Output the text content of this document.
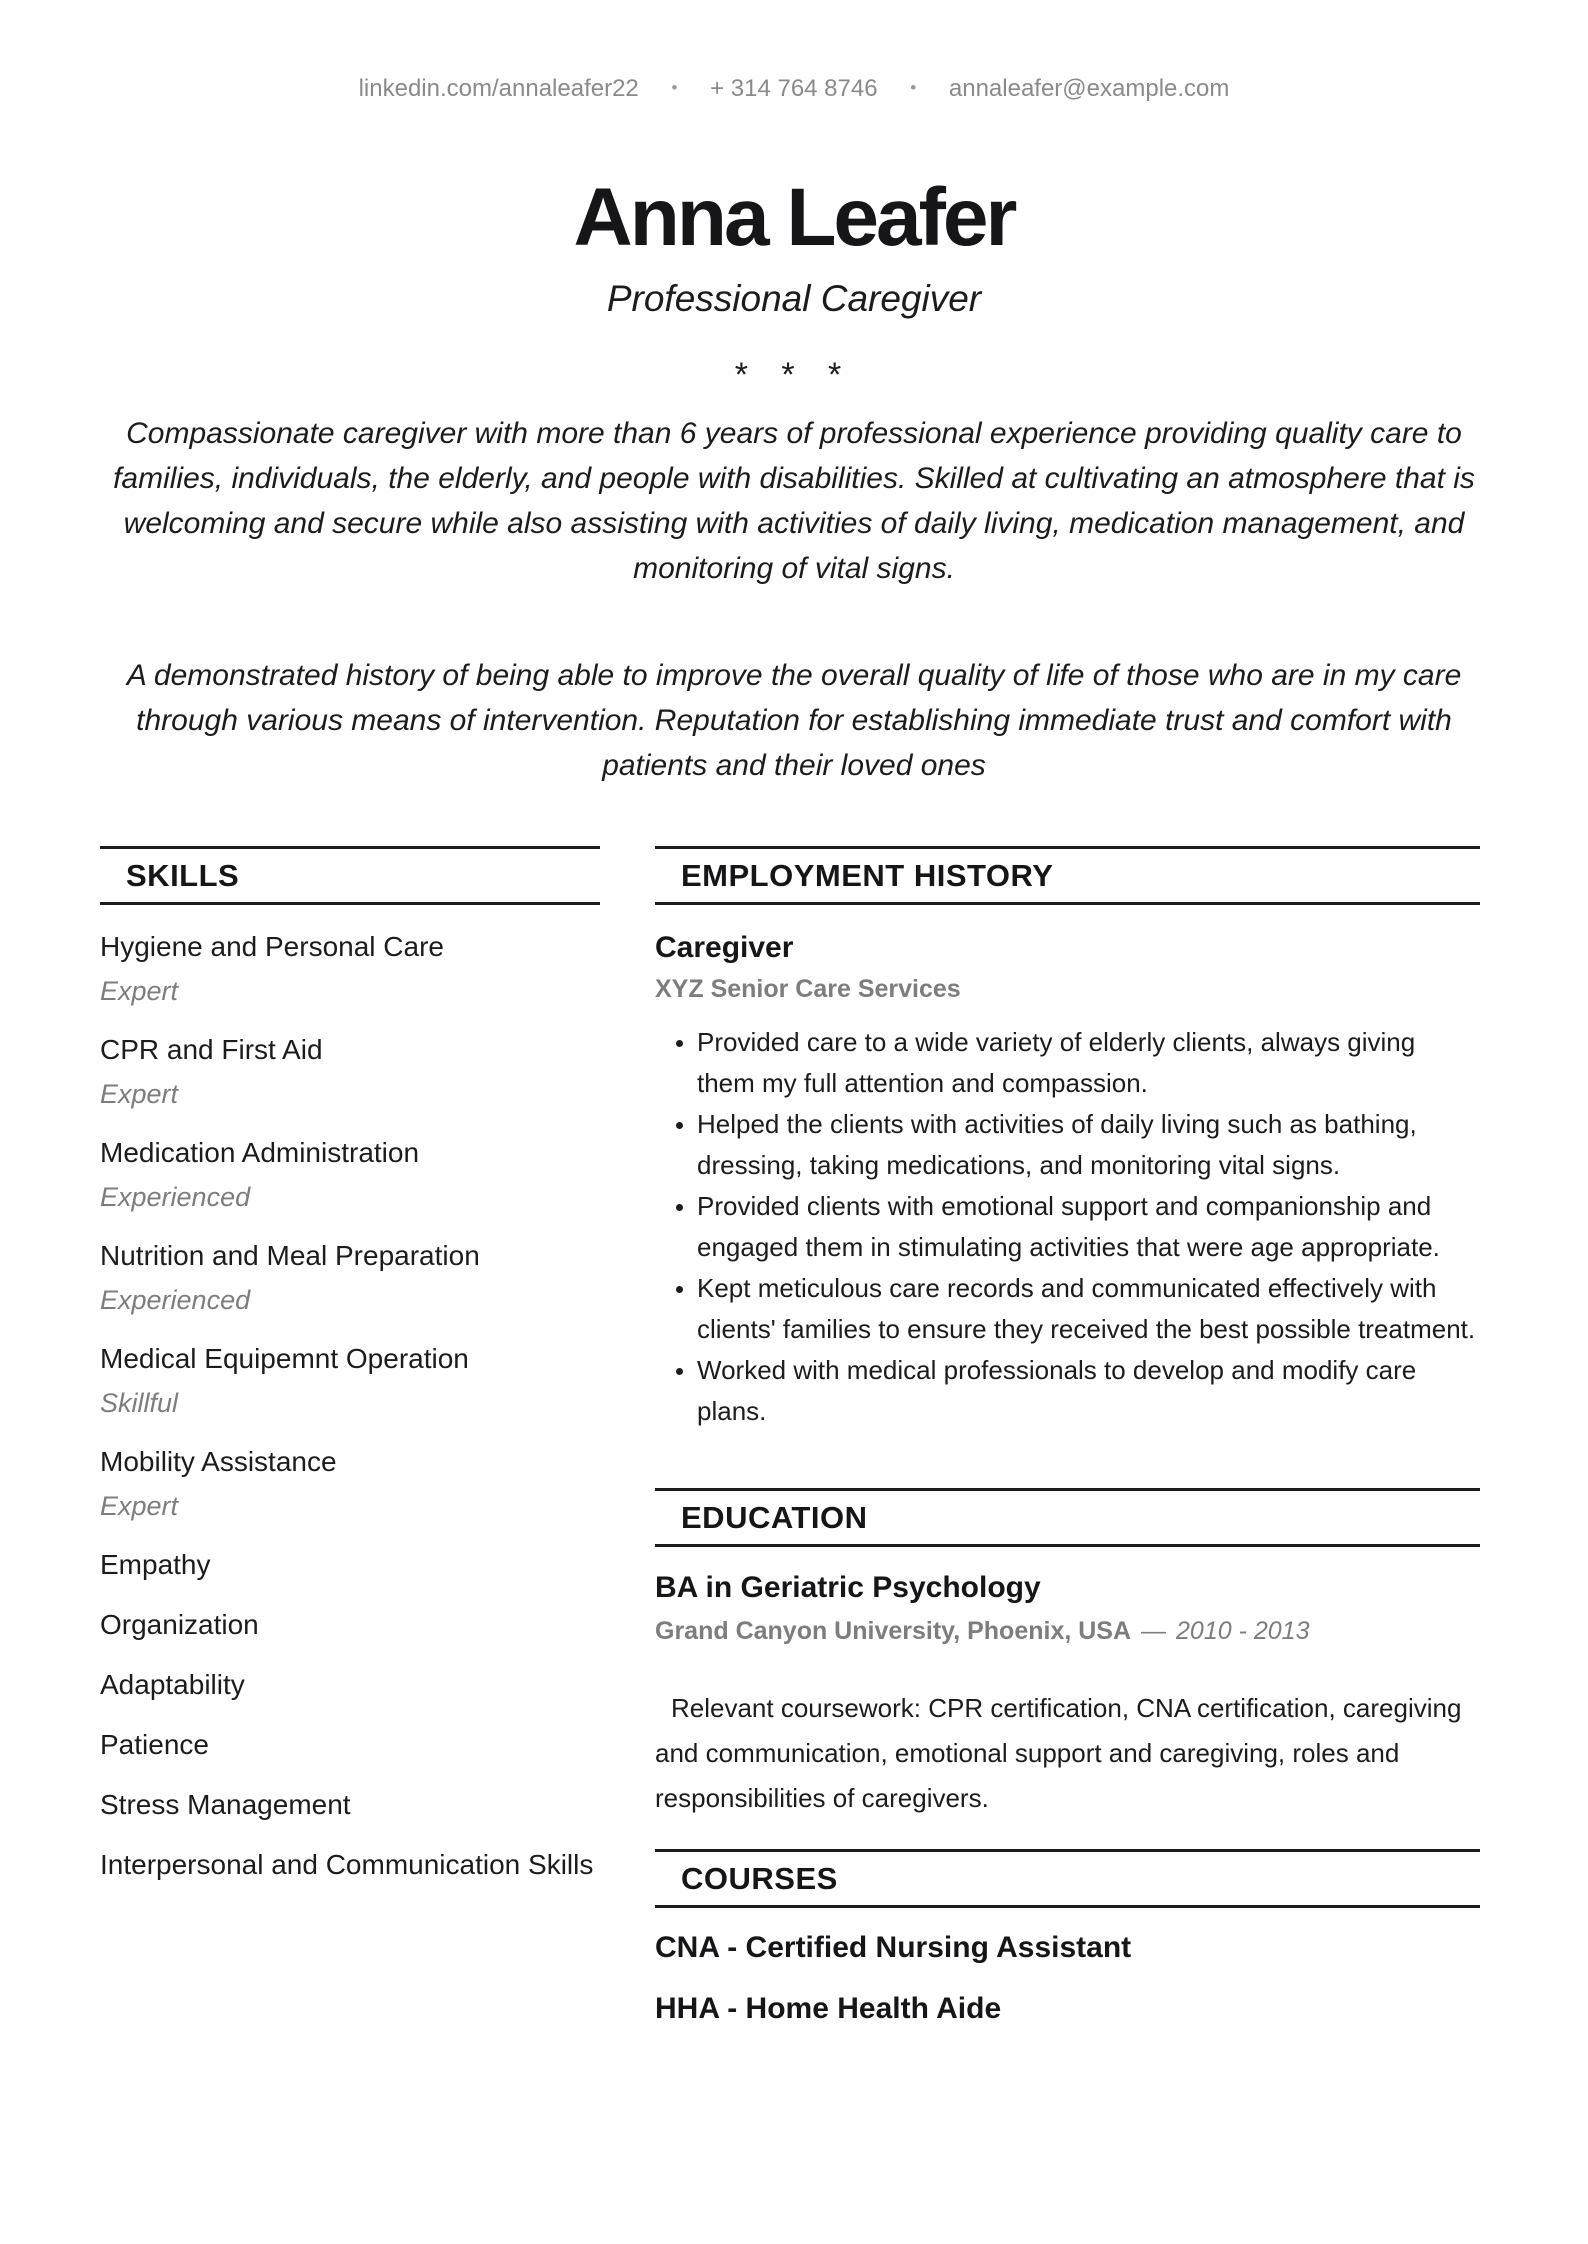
linkedin.com/annaleafer22 • + 314 764 8746 • annaleafer@example.com
Anna Leafer
Professional Caregiver
* * *

Compassionate caregiver with more than 6 years of professional experience providing quality care to families, individuals, the elderly, and people with disabilities. Skilled at cultivating an atmosphere that is welcoming and secure while also assisting with activities of daily living, medication management, and monitoring of vital signs.

A demonstrated history of being able to improve the overall quality of life of those who are in my care through various means of intervention. Reputation for establishing immediate trust and comfort with patients and their loved ones

SKILLS
Hygiene and Personal Care
Expert
CPR and First Aid
Expert
Medication Administration
Experienced
Nutrition and Meal Preparation
Experienced
Medical Equipemnt Operation
Skillful
Mobility Assistance
Expert
Empathy
Organization
Adaptability
Patience
Stress Management
Interpersonal and Communication Skills
EMPLOYMENT HISTORY
Caregiver
XYZ Senior Care Services
• Provided care to a wide variety of elderly clients, always giving them my full attention and compassion.
• Helped the clients with activities of daily living such as bathing, dressing, taking medications, and monitoring vital signs.
• Provided clients with emotional support and companionship and engaged them in stimulating activities that were age appropriate.
• Kept meticulous care records and communicated effectively with clients' families to ensure they received the best possible treatment.
• Worked with medical professionals to develop and modify care plans.
EDUCATION
BA in Geriatric Psychology
Grand Canyon University, Phoenix, USA — 2010 - 2013

Relevant coursework: CPR certification, CNA certification, caregiving and communication, emotional support and caregiving, roles and responsibilities of caregivers.

COURSES
CNA - Certified Nursing Assistant
HHA - Home Health Aide
